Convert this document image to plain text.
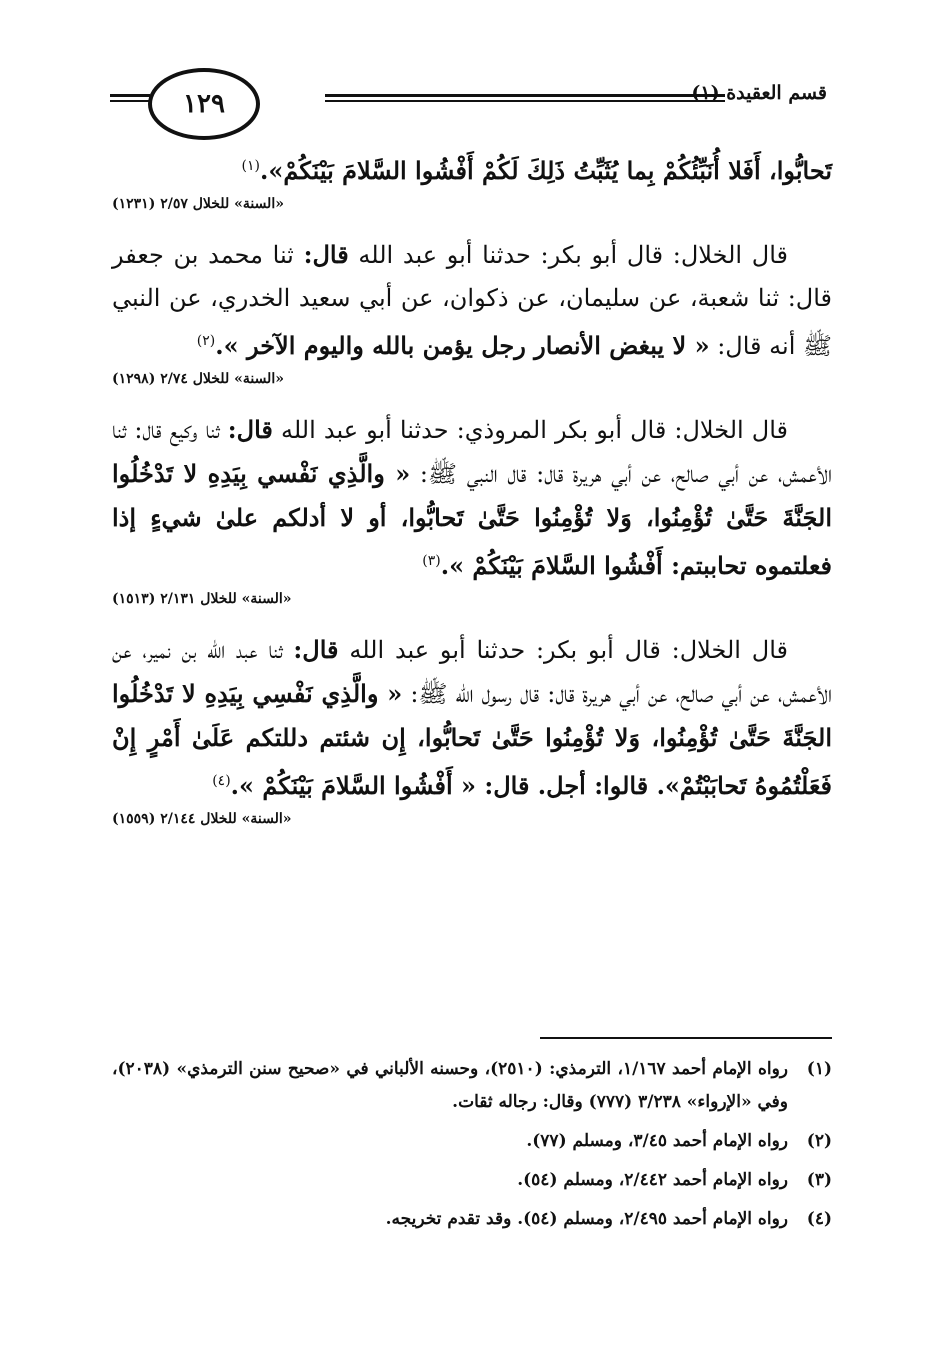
١٢٩	قسم العقيدة (١)

تَحابُّوا، أَفَلا أُنَبِّئُكُمْ بِما يُثَبِّتُ ذَلِكَ لَكُمْ أَفْشُوا السَّلامَ بَيْنَكُمْ».$^{(١)}$

«السنة» للخلال ٢/٥٧ (١٢٣١)

قال الخلال: قال أبو بكر: حدثنا أبو عبد الله قال: ثنا محمد بن جعفر قال: ثنا شعبة، عن سليمان، عن ذكوان، عن أبي سعيد الخدري، عن النبي ﷺ أنه قال: « لا يبغض الأنصار رجل يؤمن بالله واليوم الآخر ».$^{(٢)}$

«السنة» للخلال ٢/٧٤ (١٢٩٨)

قال الخلال: قال أبو بكر المروذي: حدثنا أبو عبد الله قال: ثنا وكيع قال: ثنا الأعمش، عن أبي صالح، عن أبي هريرة قال: قال النبي ﷺ: « والَّذِي نَفْسي بِيَدِهِ لا تَدْخُلُوا الجَنَّةَ حَتَّىٰ تُؤْمِنُوا، وَلا تُؤْمِنُوا حَتَّىٰ تَحابُّوا، أو لا أدلكم علىٰ شيءٍ إذا فعلتموه تحاببتم: أَفْشُوا السَّلامَ بَيْنَكُمْ ».$^{(٣)}$

«السنة» للخلال ٢/١٣١ (١٥١٣)

قال الخلال: قال أبو بكر: حدثنا أبو عبد الله قال: ثنا عبد الله بن نمير، عن الأعمش، عن أبي صالح، عن أبي هريرة قال: قال رسول الله ﷺ: « والَّذِي نَفْسِي بِيَدِهِ لا تَدْخُلُوا الجَنَّةَ حَتَّىٰ تُؤْمِنُوا، وَلا تُؤْمِنُوا حَتَّىٰ تَحابُّوا، إِن شئتم دللتكم عَلَىٰ أَمْرٍ إِنْ فَعَلْتُمُوهُ تَحابَبْتُمْ». قالوا: أجل. قال: « أَفْشُوا السَّلامَ بَيْنَكُمْ ».$^{(٤)}$

«السنة» للخلال ٢/١٤٤ (١٥٥٩)

(١)
رواه الإمام أحمد ١/١٦٧، الترمذي: (٢٥١٠)، وحسنه الألباني في «صحيح سنن الترمذي» (٢٠٣٨)، وفي «الإرواء» ٣/٢٣٨ (٧٧٧) وقال: رجاله ثقات.
(٢)
رواه الإمام أحمد ٣/٤٥، ومسلم (٧٧).
(٣)
رواه الإمام أحمد ٢/٤٤٢، ومسلم (٥٤).
(٤)
رواه الإمام أحمد ٢/٤٩٥، ومسلم (٥٤). وقد تقدم تخريجه.
